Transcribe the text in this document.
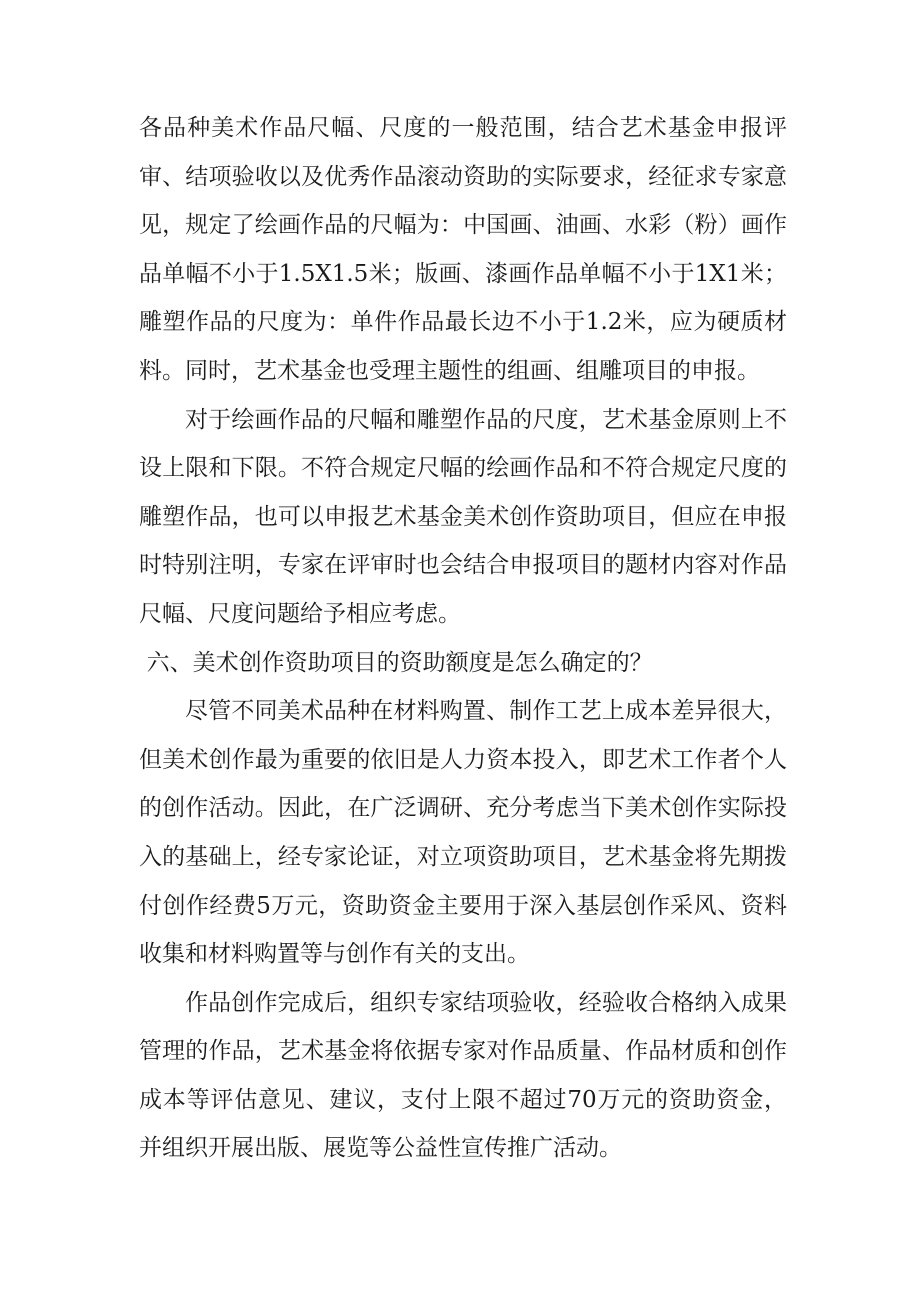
各品种美术作品尺幅、尺度的一般范围，结合艺术基金申报评审、结项验收以及优秀作品滚动资助的实际要求，经征求专家意见，规定了绘画作品的尺幅为：中国画、油画、水彩（粉）画作品单幅不小于1.5X1.5米；版画、漆画作品单幅不小于1X1米；雕塑作品的尺度为：单件作品最长边不小于1.2米，应为硬质材料。同时，艺术基金也受理主题性的组画、组雕项目的申报。

对于绘画作品的尺幅和雕塑作品的尺度，艺术基金原则上不设上限和下限。不符合规定尺幅的绘画作品和不符合规定尺度的雕塑作品，也可以申报艺术基金美术创作资助项目，但应在申报时特别注明，专家在评审时也会结合申报项目的题材内容对作品尺幅、尺度问题给予相应考虑。

六、美术创作资助项目的资助额度是怎么确定的？

尽管不同美术品种在材料购置、制作工艺上成本差异很大，但美术创作最为重要的依旧是人力资本投入，即艺术工作者个人的创作活动。因此，在广泛调研、充分考虑当下美术创作实际投入的基础上，经专家论证，对立项资助项目，艺术基金将先期拨付创作经费5万元，资助资金主要用于深入基层创作采风、资料收集和材料购置等与创作有关的支出。

作品创作完成后，组织专家结项验收，经验收合格纳入成果管理的作品，艺术基金将依据专家对作品质量、作品材质和创作成本等评估意见、建议，支付上限不超过70万元的资助资金，并组织开展出版、展览等公益性宣传推广活动。
